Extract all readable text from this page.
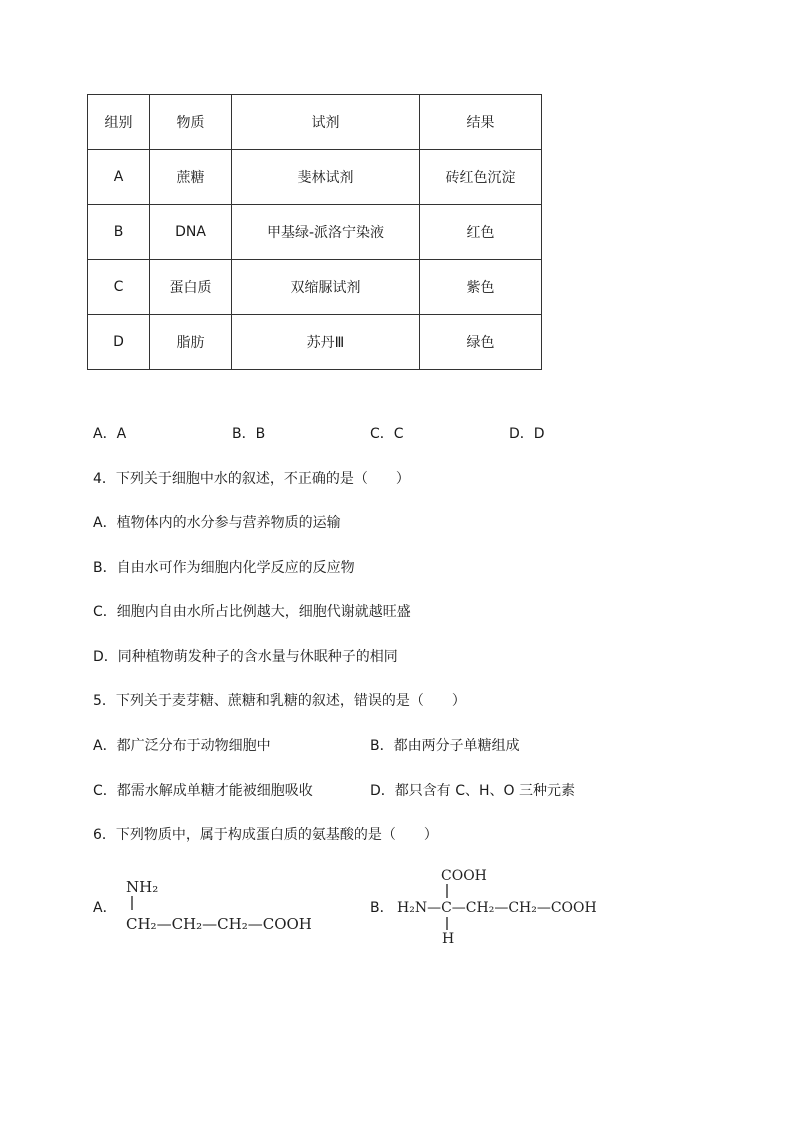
组别	物质	试剂	结果
A	蔗糖	斐林试剂	砖红色沉淀
B	DNA	甲基绿-派洛宁染液	红色
C	蛋白质	双缩脲试剂	紫色
D	脂肪	苏丹Ⅲ	绿色
A．A	B．B	C．C	D．D
4．下列关于细胞中水的叙述，不正确的是（　　）
A．植物体内的水分参与营养物质的运输
B．自由水可作为细胞内化学反应的反应物
C．细胞内自由水所占比例越大，细胞代谢就越旺盛
D．同种植物萌发种子的含水量与休眠种子的相同
5．下列关于麦芽糖、蔗糖和乳糖的叙述，错误的是（　　）
A．都广泛分布于动物细胞中	B．都由两分子单糖组成
C．都需水解成单糖才能被细胞吸收	D．都只含有 C、H、O 三种元素
6．下列物质中，属于构成蛋白质的氨基酸的是（　　）
A．
NH₂
CH₂—CH₂—CH₂—COOH
B．
COOH
H₂N—C—CH₂—CH₂—COOH
H
